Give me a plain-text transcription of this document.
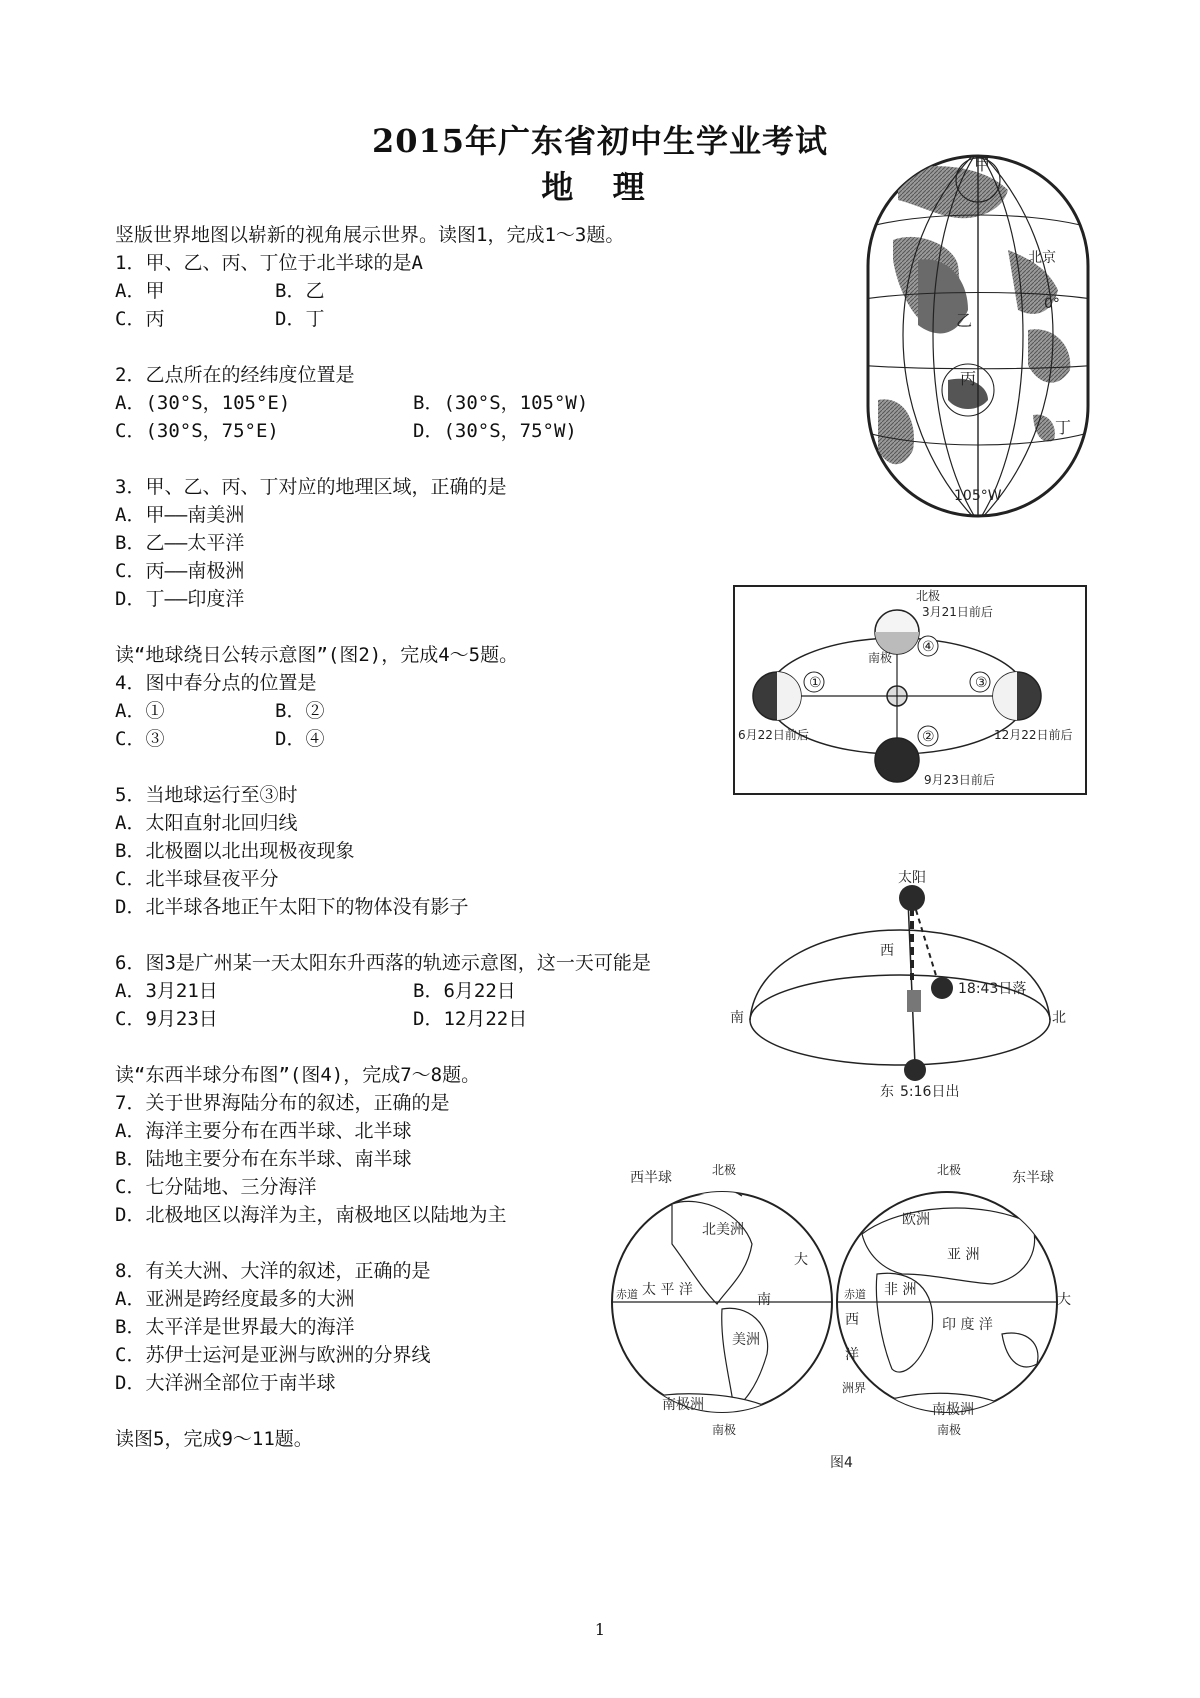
2015年广东省初中生学业考试
地 理
竖版世界地图以崭新的视角展示世界。读图1，完成1～3题。
1．甲、乙、丙、丁位于北半球的是A
A．甲	B．乙
C．丙	D．丁
2．乙点所在的经纬度位置是
A．(30°S，105°E)	B．(30°S，105°W)
C．(30°S，75°E)	D．(30°S，75°W)
3．甲、乙、丙、丁对应的地理区域，正确的是
A．甲——南美洲
B．乙——太平洋
C．丙——南极洲
D．丁——印度洋
读“地球绕日公转示意图”(图2)，完成4～5题。
4．图中春分点的位置是
A．①	B．②
C．③	D．④
5．当地球运行至③时
A．太阳直射北回归线
B．北极圈以北出现极夜现象
C．北半球昼夜平分
D．北半球各地正午太阳下的物体没有影子
6．图3是广州某一天太阳东升西落的轨迹示意图，这一天可能是
A．3月21日	B．6月22日
C．9月23日	D．12月22日
读“东西半球分布图”(图4)，完成7～8题。
7．关于世界海陆分布的叙述，正确的是
A．海洋主要分布在西半球、北半球
B．陆地主要分布在东半球、南半球
C．七分陆地、三分海洋
D．北极地区以海洋为主，南极地区以陆地为主
8．有关大洲、大洋的叙述，正确的是
A．亚洲是跨经度最多的大洲
B．太平洋是世界最大的海洋
C．苏伊士运河是亚洲与欧洲的分界线
D．大洋洲全部位于南半球
读图5，完成9～11题。
甲
乙
丙
丁
北京
0°
105°W
①
②
③
④
北极
南极
3月21日前后
6月22日前后	12月22日前后
9月23日前后
太阳
西
南	北
18:43日落
东 5:16日出
西半球	东半球
北极	北极
南极	南极
赤道	赤道
太 平 洋
北美洲
美洲
南
大
南极洲	南极洲
欧洲
亚 洲
非 洲
印 度 洋
西
洋
大
洲界
图4
1
